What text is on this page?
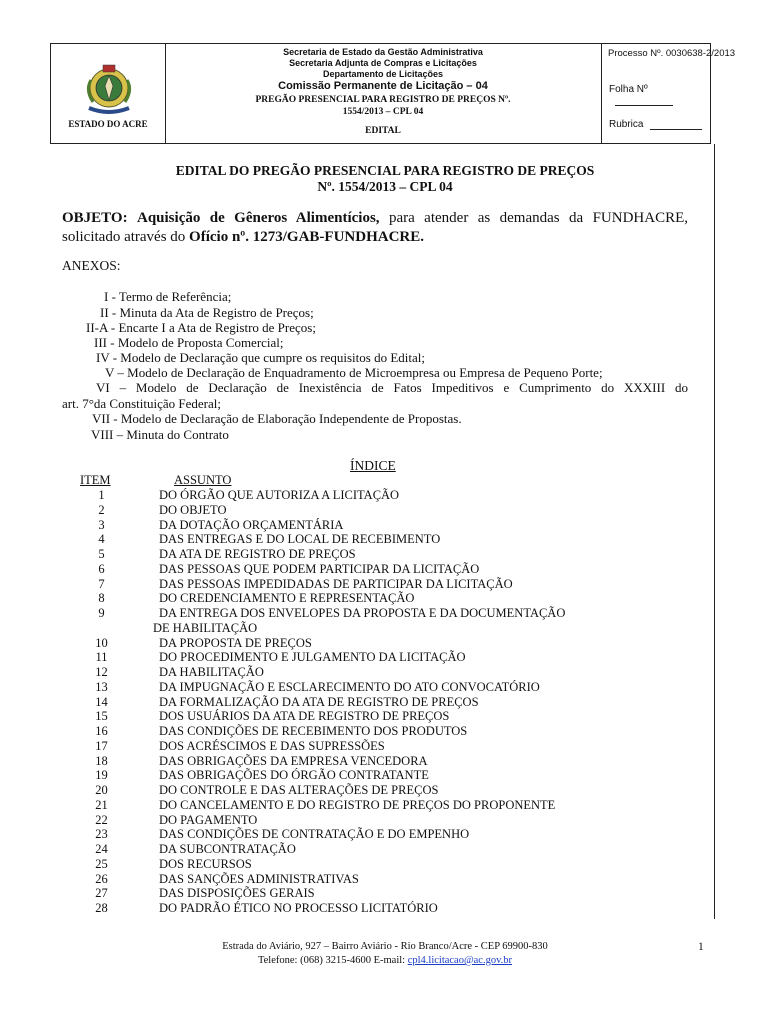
ESTADO DO ACRE
Secretaria de Estado da Gestão Administrativa
Secretaria Adjunta de Compras e Licitações
Departamento de Licitações
Comissão Permanente de Licitação – 04
PREGÃO PRESENCIAL PARA REGISTRO DE PREÇOS Nº.
1554/2013 – CPL 04
EDITAL
Processo Nº. 0030638-2/2013
Folha Nº
Rubrica
EDITAL DO PREGÃO PRESENCIAL PARA REGISTRO DE PREÇOS
Nº. 1554/2013 – CPL 04
OBJETO: Aquisição de Gêneros Alimentícios, para atender as demandas da FUNDHACRE, solicitado através do Ofício nº. 1273/GAB-FUNDHACRE.
ANEXOS:
I - Termo de Referência;
II - Minuta da Ata de Registro de Preços;
II-A - Encarte I a Ata de Registro de Preços;
III - Modelo de Proposta Comercial;
IV - Modelo de Declaração que cumpre os requisitos do Edital;
V – Modelo de Declaração de Enquadramento de Microempresa ou Empresa de Pequeno Porte;
VI – Modelo de Declaração de Inexistência de Fatos Impeditivos e Cumprimento do XXXIII do
art. 7°da Constituição Federal;
VII - Modelo de Declaração de Elaboração Independente de Propostas.
VIII – Minuta do Contrato
ÍNDICE
ITEM	ASSUNTO
1	DO ÓRGÃO QUE AUTORIZA A LICITAÇÃO
2	DO OBJETO
3	DA DOTAÇÃO ORÇAMENTÁRIA
4	DAS ENTREGAS E DO LOCAL DE RECEBIMENTO
5	DA ATA DE REGISTRO DE PREÇOS
6	DAS PESSOAS QUE PODEM PARTICIPAR DA LICITAÇÃO
7	DAS PESSOAS IMPEDIDADAS DE PARTICIPAR DA LICITAÇÃO
8	DO CREDENCIAMENTO E REPRESENTAÇÃO
9	DA ENTREGA DOS ENVELOPES DA PROPOSTA E DA DOCUMENTAÇÃO
DE HABILITAÇÃO
10	DA PROPOSTA DE PREÇOS
11	DO PROCEDIMENTO E JULGAMENTO DA LICITAÇÃO
12	DA HABILITAÇÃO
13	DA IMPUGNAÇÃO E ESCLARECIMENTO DO ATO CONVOCATÓRIO
14	DA FORMALIZAÇÃO DA ATA DE REGISTRO DE PREÇOS
15	DOS USUÁRIOS DA ATA DE REGISTRO DE PREÇOS
16	DAS CONDIÇÕES DE RECEBIMENTO DOS PRODUTOS
17	DOS ACRÉSCIMOS E DAS SUPRESSÕES
18	DAS OBRIGAÇÕES DA EMPRESA VENCEDORA
19	DAS OBRIGAÇÕES DO ÓRGÃO CONTRATANTE
20	DO CONTROLE E DAS ALTERAÇÕES DE PREÇOS
21	DO CANCELAMENTO E DO REGISTRO DE PREÇOS DO PROPONENTE
22	DO PAGAMENTO
23	DAS CONDIÇÕES DE CONTRATAÇÃO E DO EMPENHO
24	DA SUBCONTRATAÇÃO
25	DOS RECURSOS
26	DAS SANÇÕES ADMINISTRATIVAS
27	DAS DISPOSIÇÕES GERAIS
28	DO PADRÃO ÉTICO NO PROCESSO LICITATÓRIO
Estrada do Aviário, 927 – Bairro Aviário - Rio Branco/Acre - CEP 69900-830
Telefone: (068) 3215-4600 E-mail: cpl4.licitacao@ac.gov.br
1
